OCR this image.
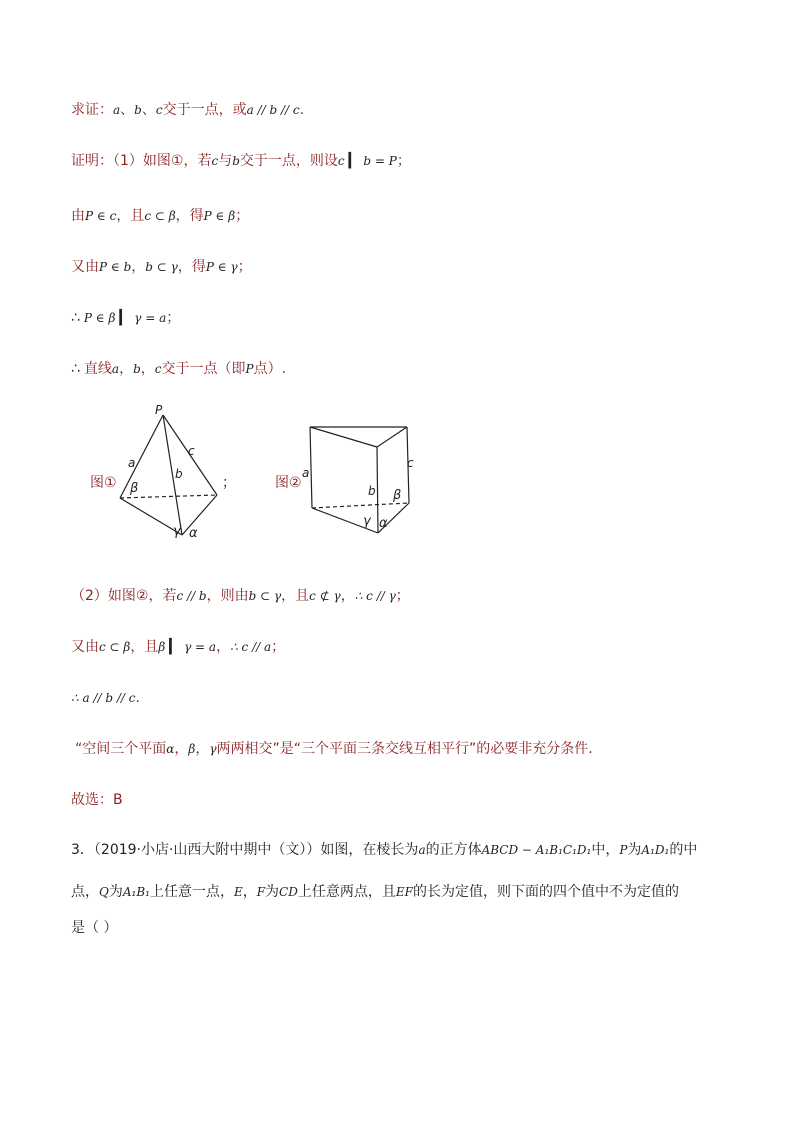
求证：a、b、c交于一点，或a // b // c.
证明：（1）如图①，若c与b交于一点，则设c ▎ b = P；
由P ∈ c，且c ⊂ β，得P ∈ β；
又由P ∈ b，b ⊂ γ，得P ∈ γ；
∴ P ∈ β ▎ γ = a；
∴ 直线a，b，c交于一点（即P点）.
图 ①	；
P
a
b
c
β
γ α
图 ②
a
b
c
β
γ α
（2）如图②，若c // b，则由b ⊂ γ，且c ⊄ γ，∴ c // γ；
又由c ⊂ β，且β ▎ γ = a，∴ c // a；
∴ a // b // c.
“空间三个平面α，β，γ两两相交”是“三个平面三条交线互相平行”的必要非充分条件.
故选：B
3．（2019·小店·山西大附中期中（文））如图，在棱长为a的正方体ABCD − A₁B₁C₁D₁中，P为A₁D₁的中
点，Q为A₁B₁上任意一点，E，F为CD上任意两点，且EF的长为定值，则下面的四个值中不为定值的
是（ ）
